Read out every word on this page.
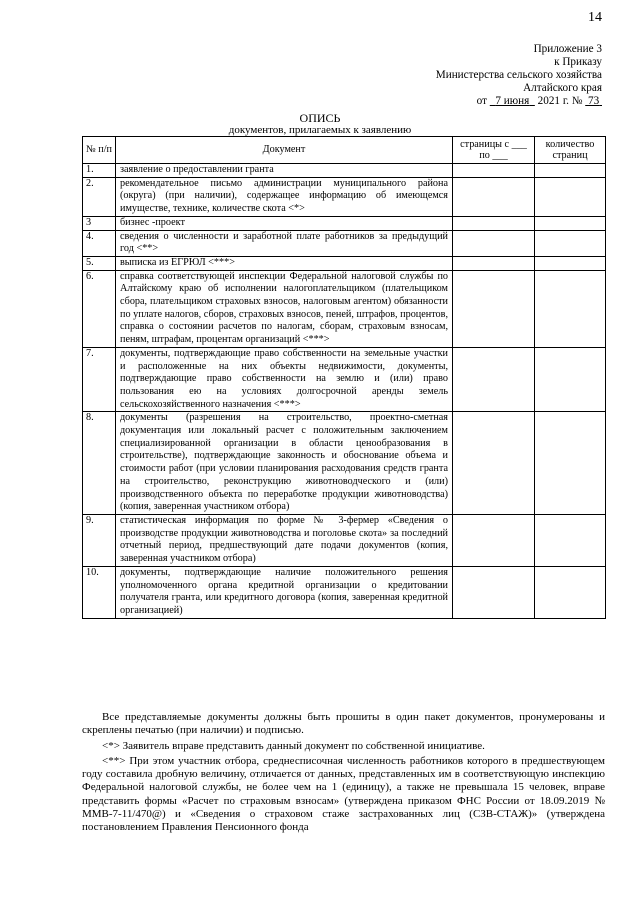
14
Приложение 3
к Приказу
Министерства сельского хозяйства
Алтайского края
от 7 июня 2021 г. № 73
ОПИСЬ
документов, прилагаемых к заявлению
№ п/п	Документ	страницы с ___ по ___	количество страниц
1.	заявление о предоставлении гранта		
2.	рекомендательное письмо администрации муниципального района (округа) (при наличии), содержащее информацию об имеющемся имуществе, технике, количестве скота <*>		
3	бизнес -проект		
4.	сведения о численности и заработной плате работников за предыдущий год <**>		
5.	выписка из ЕГРЮЛ <***>		
6.	справка соответствующей инспекции Федеральной налоговой службы по Алтайскому краю об исполнении налогоплательщиком (плательщиком сбора, плательщиком страховых взносов, налоговым агентом) обязанности по уплате налогов, сборов, страховых взносов, пеней, штрафов, процентов, справка о состоянии расчетов по налогам, сборам, страховым взносам, пеням, штрафам, процентам организаций <***>		
7.	документы, подтверждающие право собственности на земельные участки и расположенные на них объекты недвижимости, документы, подтверждающие право собственности на землю и (или) право пользования ею на условиях долгосрочной аренды земель сельскохозяйственного назначения <***>		
8.	документы (разрешения на строительство, проектно-сметная документация или локальный расчет с положительным заключением специализированной организации в области ценообразования в строительстве), подтверждающие законность и обоснование объема и стоимости работ (при условии планирования расходования средств гранта на строительство, реконструкцию животноводческого и (или) производственного объекта по переработке продукции животноводства) (копия, заверенная участником отбора)		
9.	статистическая информация по форме № 3-фермер «Сведения о производстве продукции животноводства и поголовье скота» за последний отчетный период, предшествующий дате подачи документов (копия, заверенная участником отбора)		
10.	документы, подтверждающие наличие положительного решения уполномоченного органа кредитной организации о кредитовании получателя гранта, или кредитного договора (копия, заверенная кредитной организацией)		

Все представляемые документы должны быть прошиты в один пакет документов, пронумерованы и скреплены печатью (при наличии) и подписью.

<*> Заявитель вправе представить данный документ по собственной инициативе.

<**> При этом участник отбора, среднесписочная численность работников которого в предшествующем году составила дробную величину, отличается от данных, представленных им в соответствующую инспекцию Федеральной налоговой службы, не более чем на 1 (единицу), а также не превышала 15 человек, вправе представить формы «Расчет по страховым взносам» (утверждена приказом ФНС России от 18.09.2019 № ММВ-7-11/470@) и «Сведения о страховом стаже застрахованных лиц (СЗВ-СТАЖ)» (утверждена постановлением Правления Пенсионного фонда
